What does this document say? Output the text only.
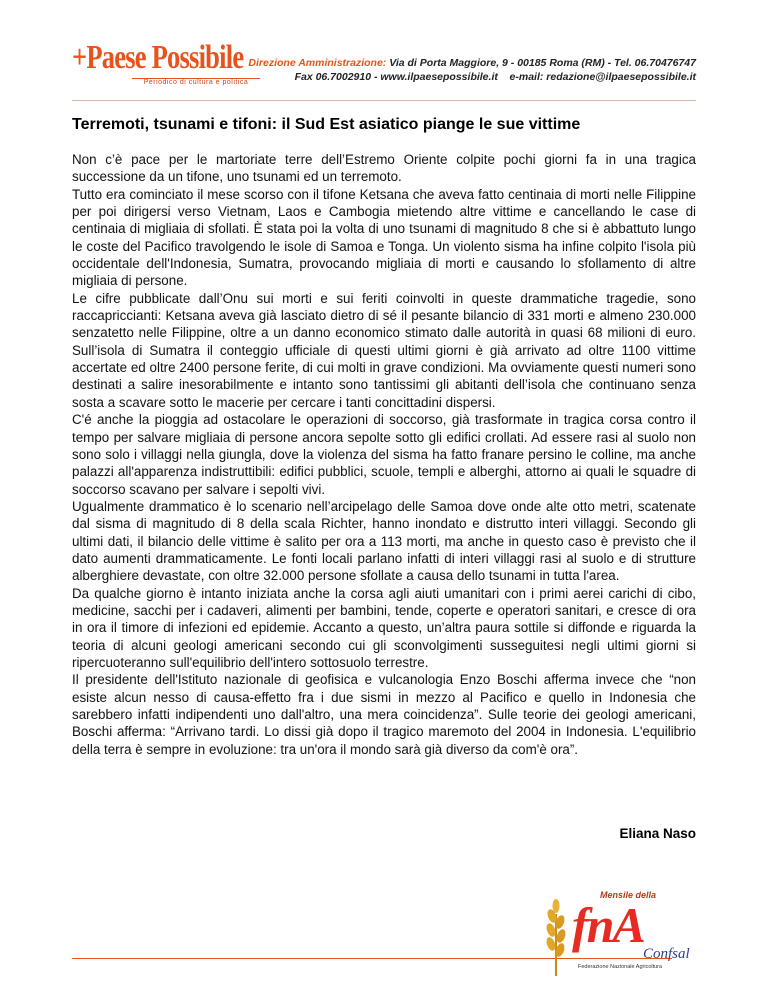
+Paese Possibile
Periodico di cultura e politica
Direzione Amministrazione: Via di Porta Maggiore, 9 - 00185 Roma (RM) - Tel. 06.70476747
Fax 06.7002910 - www.ilpaesepossibile.it    e-mail: redazione@ilpaesepossibile.it
Terremoti, tsunami e tifoni: il Sud Est asiatico piange le sue vittime

Non c’è pace per le martoriate terre dell’Estremo Oriente colpite pochi giorni fa in una tragica successione da un tifone, uno tsunami ed un terremoto.

Tutto era cominciato il mese scorso con il tifone Ketsana che aveva fatto centinaia di morti nelle Filippine per poi dirigersi verso Vietnam, Laos e Cambogia mietendo altre vittime e cancellando le case di centinaia di migliaia di sfollati. È stata poi la volta di uno tsunami di magnitudo 8 che si è abbattuto lungo le coste del Pacifico travolgendo le isole di Samoa e Tonga. Un violento sisma ha infine colpito l'isola più occidentale dell'Indonesia, Sumatra, provocando migliaia di morti e causando lo sfollamento di altre migliaia di persone.

Le cifre pubblicate dall’Onu sui morti e sui feriti coinvolti in queste drammatiche tragedie, sono raccapriccianti: Ketsana aveva già lasciato dietro di sé il pesante bilancio di 331 morti e almeno 230.000 senzatetto nelle Filippine, oltre a un danno economico stimato dalle autorità in quasi 68 milioni di euro. Sull’isola di Sumatra il conteggio ufficiale di questi ultimi giorni è già arrivato ad oltre 1100 vittime accertate ed oltre 2400 persone ferite, di cui molti in grave condizioni. Ma ovviamente questi numeri sono destinati a salire inesorabilmente e intanto sono tantissimi gli abitanti dell’isola che continuano senza sosta a scavare sotto le macerie per cercare i tanti concittadini dispersi.

C'é anche la pioggia ad ostacolare le operazioni di soccorso, già trasformate in tragica corsa contro il tempo per salvare migliaia di persone ancora sepolte sotto gli edifici crollati. Ad essere rasi al suolo non sono solo i villaggi nella giungla, dove la violenza del sisma ha fatto franare persino le colline, ma anche palazzi all'apparenza indistruttibili: edifici pubblici, scuole, templi e alberghi, attorno ai quali le squadre di soccorso scavano per salvare i sepolti vivi.

Ugualmente drammatico è lo scenario nell’arcipelago delle Samoa dove onde alte otto metri, scatenate dal sisma di magnitudo di 8 della scala Richter, hanno inondato e distrutto interi villaggi. Secondo gli ultimi dati, il bilancio delle vittime è salito per ora a 113 morti, ma anche in questo caso è previsto che il dato aumenti drammaticamente. Le fonti locali parlano infatti di interi villaggi rasi al suolo e di strutture alberghiere devastate, con oltre 32.000 persone sfollate a causa dello tsunami in tutta l'area.

Da qualche giorno è intanto iniziata anche la corsa agli aiuti umanitari con i primi aerei carichi di cibo, medicine, sacchi per i cadaveri, alimenti per bambini, tende, coperte e operatori sanitari, e cresce di ora in ora il timore di infezioni ed epidemie. Accanto a questo, un’altra paura sottile si diffonde e riguarda la teoria di alcuni geologi americani secondo cui gli sconvolgimenti susseguitesi negli ultimi giorni si ripercuoteranno sull'equilibrio dell'intero sottosuolo terrestre.

Il presidente dell'Istituto nazionale di geofisica e vulcanologia Enzo Boschi afferma invece che “non esiste alcun nesso di causa-effetto fra i due sismi in mezzo al Pacifico e quello in Indonesia che sarebbero infatti indipendenti uno dall'altro, una mera coincidenza”. Sulle teorie dei geologi americani, Boschi afferma: “Arrivano tardi. Lo dissi già dopo il tragico maremoto del 2004 in Indonesia. L'equilibrio della terra è sempre in evoluzione: tra un'ora il mondo sarà già diverso da com'è ora”.

Eliana Naso
Mensile della
fnA
Confsal
Federazione Nazionale Agricoltura
